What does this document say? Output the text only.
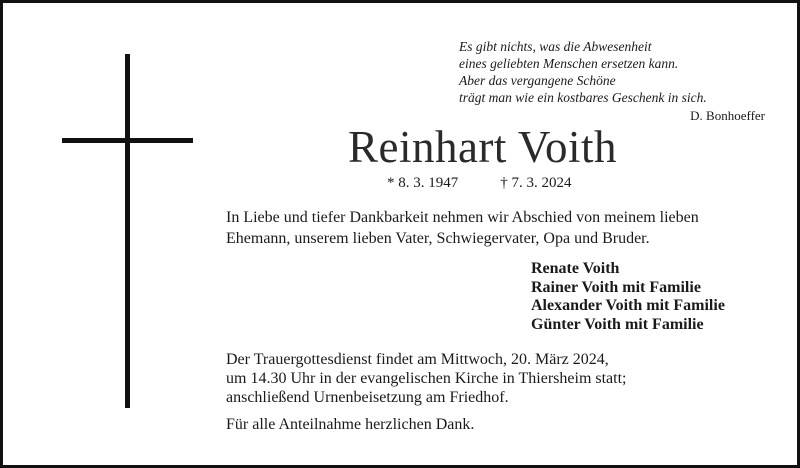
Es gibt nichts, was die Abwesenheit
eines geliebten Menschen ersetzen kann.
Aber das vergangene Schöne
trägt man wie ein kostbares Geschenk in sich.
D. Bonhoeffer
Reinhart Voith
* 8. 3. 1947	† 7. 3. 2024
In Liebe und tiefer Dankbarkeit nehmen wir Abschied von meinem lieben
Ehemann, unserem lieben Vater, Schwiegervater, Opa und Bruder.
Renate Voith
Rainer Voith mit Familie
Alexander Voith mit Familie
Günter Voith mit Familie
Der Trauergottesdienst findet am Mittwoch, 20. März 2024,
um 14.30 Uhr in der evangelischen Kirche in Thiersheim statt;
anschließend Urnenbeisetzung am Friedhof.
Für alle Anteilnahme herzlichen Dank.
